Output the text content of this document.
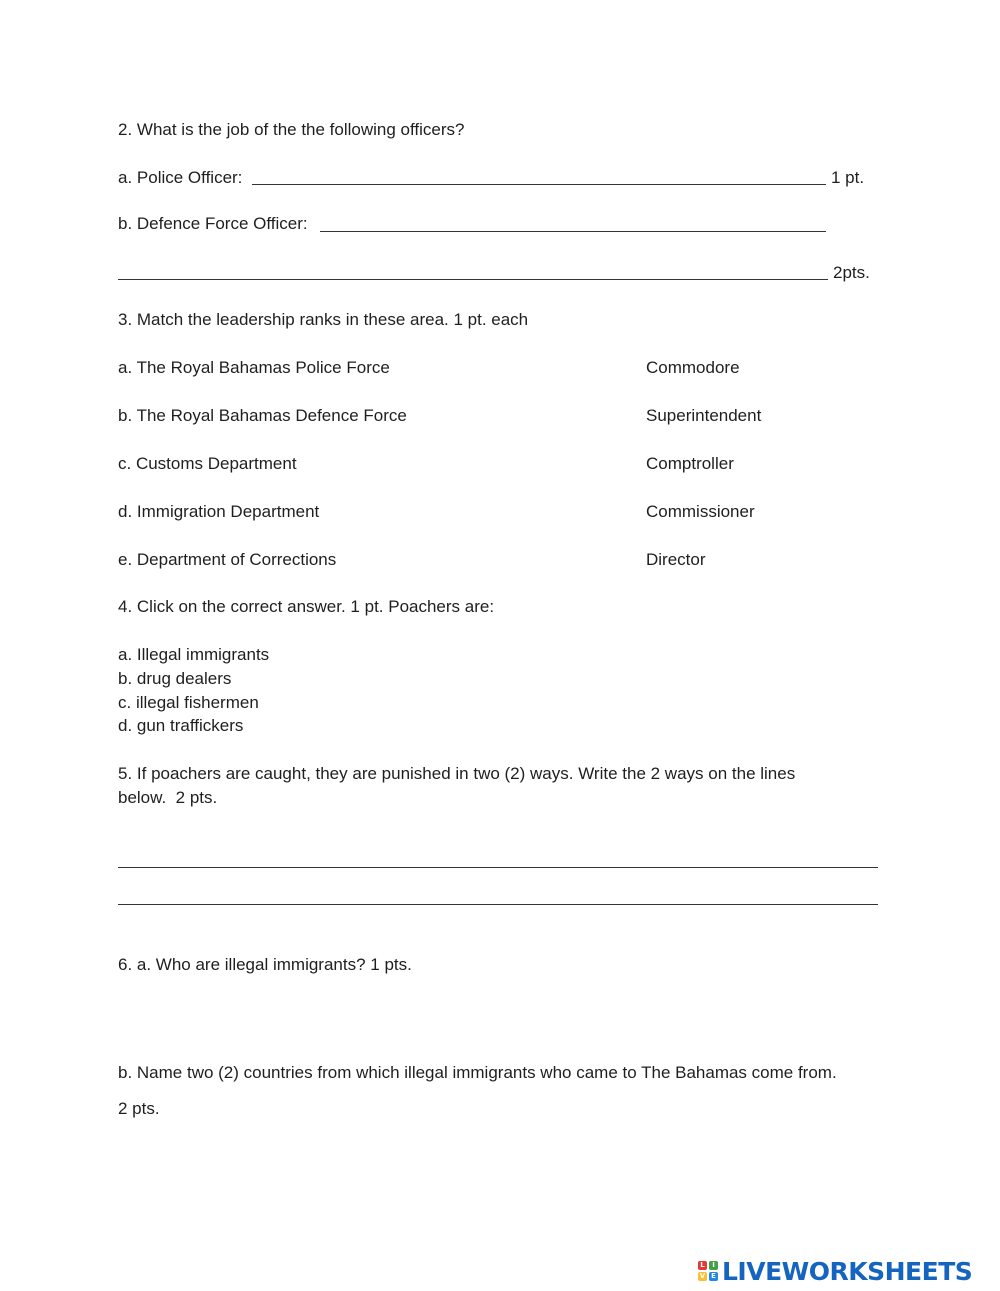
2. What is the job of the the following officers?
a. Police Officer:	1 pt.
b. Defence Force Officer:
2pts.
3. Match the leadership ranks in these area. 1 pt. each
a. The Royal Bahamas Police Force	Commodore
b. The Royal Bahamas Defence Force	Superintendent
c. Customs Department	Comptroller
d. Immigration Department	Commissioner
e. Department of Corrections	Director
4. Click on the correct answer. 1 pt. Poachers are:
a. Illegal immigrants
b. drug dealers
c. illegal fishermen
d. gun traffickers
5. If poachers are caught, they are punished in two (2) ways. Write the 2 ways on the lines
below.  2 pts.
6. a. Who are illegal immigrants? 1 pts.
b. Name two (2) countries from which illegal immigrants who came to The Bahamas come from.
2 pts.
L	I
V E LIVEWORKSHEETS
